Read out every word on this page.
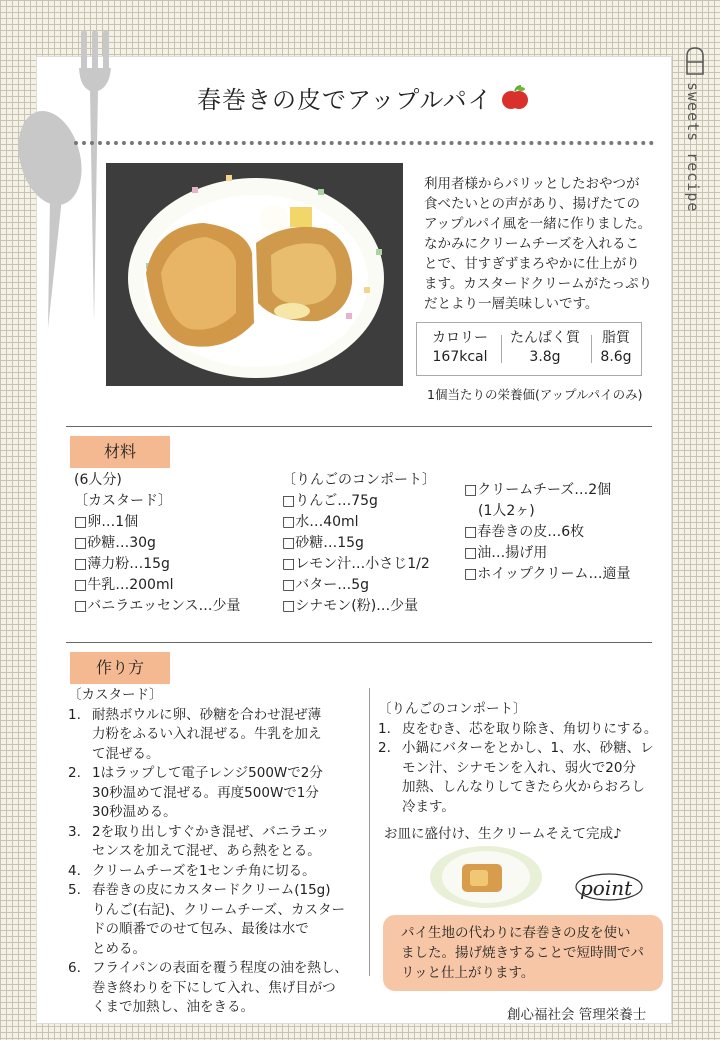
春巻きの皮でアップルパイ	sweets recipe
利用者様からパリッとしたおやつが
食べたいとの声があり、揚げたての
アップルパイ風を一緒に作りました。
なかみにクリームチーズを入れるこ
とで、甘すぎずまろやかに仕上がり
ます。カスタードクリームがたっぷり
だとより一層美味しいです。
カロリー
167kcal
たんぱく質
3.8g
脂質
8.6g
1個当たりの栄養価(アップルパイのみ)
材料
(6人分)
〔カスタード〕
□卵…1個
□砂糖…30g
□薄力粉…15g
□牛乳…200ml
□バニラエッセンス…少量
〔りんごのコンポート〕
□りんご…75g
□水…40ml
□砂糖…15g
□レモン汁…小さじ1/2
□バター…5g
□シナモン(粉)…少量
□クリームチーズ…2個
　(1人2ヶ)
□春巻きの皮…6枚
□油…揚げ用
□ホイップクリーム…適量
作り方
〔カスタード〕
1. 耐熱ボウルに卵、砂糖を合わせ混ぜ薄
力粉をふるい入れ混ぜる。牛乳を加え
て混ぜる。
2. 1はラップして電子レンジ500Wで2分
30秒温めて混ぜる。再度500Wで1分
30秒温める。
3. 2を取り出しすぐかき混ぜ、バニラエッ
センスを加えて混ぜ、あら熱をとる。
4. クリームチーズを1センチ角に切る。
5. 春巻きの皮にカスタードクリーム(15g)
りんご(右記)、クリームチーズ、カスター
ドの順番でのせて包み、最後は水で
とめる。
6. フライパンの表面を覆う程度の油を熱し、
巻き終わりを下にして入れ、焦げ目がつ
くまで加熱し、油をきる。
〔りんごのコンポート〕
1. 皮をむき、芯を取り除き、角切りにする。
2. 小鍋にバターをとかし、1、水、砂糖、レ
モン汁、シナモンを入れ、弱火で20分
加熱、しんなりしてきたら火からおろし
冷ます。
お皿に盛付け、生クリームそえて完成♪
point
パイ生地の代わりに春巻きの皮を使い
ました。揚げ焼きすることで短時間でパ
リッと仕上がります。
創心福社会 管理栄養士
